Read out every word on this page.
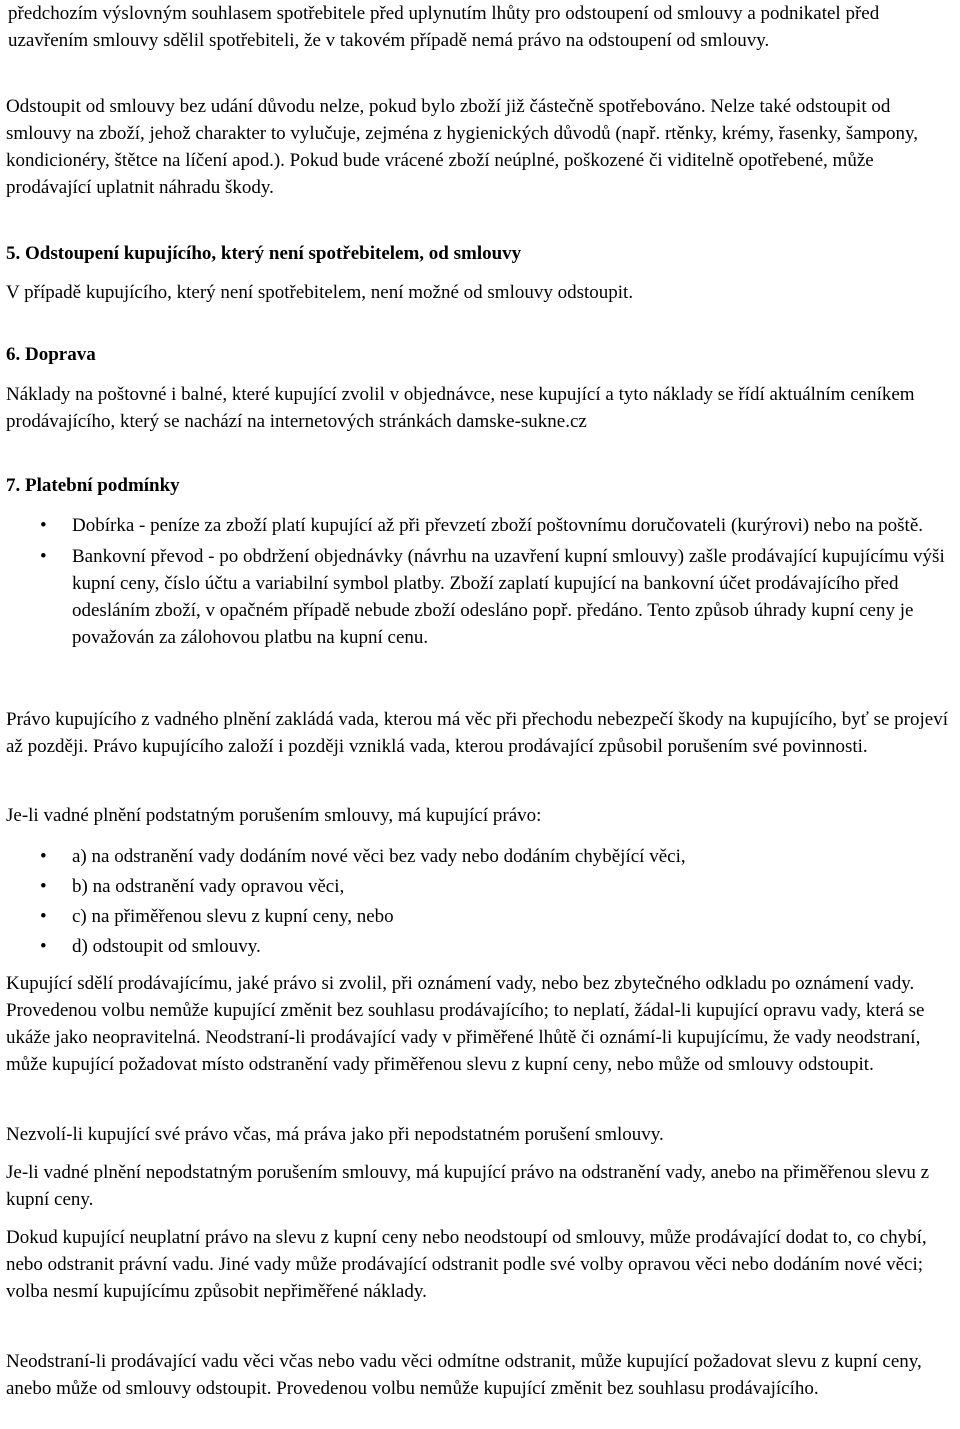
předchozím výslovným souhlasem spotřebitele před uplynutím lhůty pro odstoupení od smlouvy a podnikatel před uzavřením smlouvy sdělil spotřebiteli, že v takovém případě nemá právo na odstoupení od smlouvy.

Odstoupit od smlouvy bez udání důvodu nelze, pokud bylo zboží již částečně spotřebováno. Nelze také odstoupit od smlouvy na zboží, jehož charakter to vylučuje, zejména z hygienických důvodů (např. rtěnky, krémy, řasenky, šampony, kondicionéry, štětce na líčení apod.). Pokud bude vrácené zboží neúplné, poškozené či viditelně opotřebené, může prodávající uplatnit náhradu škody.

5. Odstoupení kupujícího, který není spotřebitelem, od smlouvy

V případě kupujícího, který není spotřebitelem, není možné od smlouvy odstoupit.

6. Doprava

Náklady na poštovné i balné, které kupující zvolil v objednávce, nese kupující a tyto náklady se řídí aktuálním ceníkem prodávajícího, který se nachází na internetových stránkách damske-sukne.cz

7. Platební podmínky

• Dobírka - peníze za zboží platí kupující až při převzetí zboží poštovnímu doručovateli (kurýrovi) nebo na poště.
• Bankovní převod - po obdržení objednávky (návrhu na uzavření kupní smlouvy) zašle prodávající kupujícímu výši kupní ceny, číslo účtu a variabilní symbol platby. Zboží zaplatí kupující na bankovní účet prodávajícího před odesláním zboží, v opačném případě nebude zboží odesláno popř. předáno. Tento způsob úhrady kupní ceny je považován za zálohovou platbu na kupní cenu.

Právo kupujícího z vadného plnění zakládá vada, kterou má věc při přechodu nebezpečí škody na kupujícího, byť se projeví až později. Právo kupujícího založí i později vzniklá vada, kterou prodávající způsobil porušením své povinnosti.

Je-li vadné plnění podstatným porušením smlouvy, má kupující právo:

• a) na odstranění vady dodáním nové věci bez vady nebo dodáním chybějící věci,
• b) na odstranění vady opravou věci,
• c) na přiměřenou slevu z kupní ceny, nebo
• d) odstoupit od smlouvy.

Kupující sdělí prodávajícímu, jaké právo si zvolil, při oznámení vady, nebo bez zbytečného odkladu po oznámení vady. Provedenou volbu nemůže kupující změnit bez souhlasu prodávajícího; to neplatí, žádal-li kupující opravu vady, která se ukáže jako neopravitelná. Neodstraní-li prodávající vady v přiměřené lhůtě či oznámí-li kupujícímu, že vady neodstraní, může kupující požadovat místo odstranění vady přiměřenou slevu z kupní ceny, nebo může od smlouvy odstoupit.

Nezvolí-li kupující své právo včas, má práva jako při nepodstatném porušení smlouvy.

Je-li vadné plnění nepodstatným porušením smlouvy, má kupující právo na odstranění vady, anebo na přiměřenou slevu z kupní ceny.

Dokud kupující neuplatní právo na slevu z kupní ceny nebo neodstoupí od smlouvy, může prodávající dodat to, co chybí, nebo odstranit právní vadu. Jiné vady může prodávající odstranit podle své volby opravou věci nebo dodáním nové věci; volba nesmí kupujícímu způsobit nepřiměřené náklady.

Neodstraní-li prodávající vadu věci včas nebo vadu věci odmítne odstranit, může kupující požadovat slevu z kupní ceny, anebo může od smlouvy odstoupit. Provedenou volbu nemůže kupující změnit bez souhlasu prodávajícího.
